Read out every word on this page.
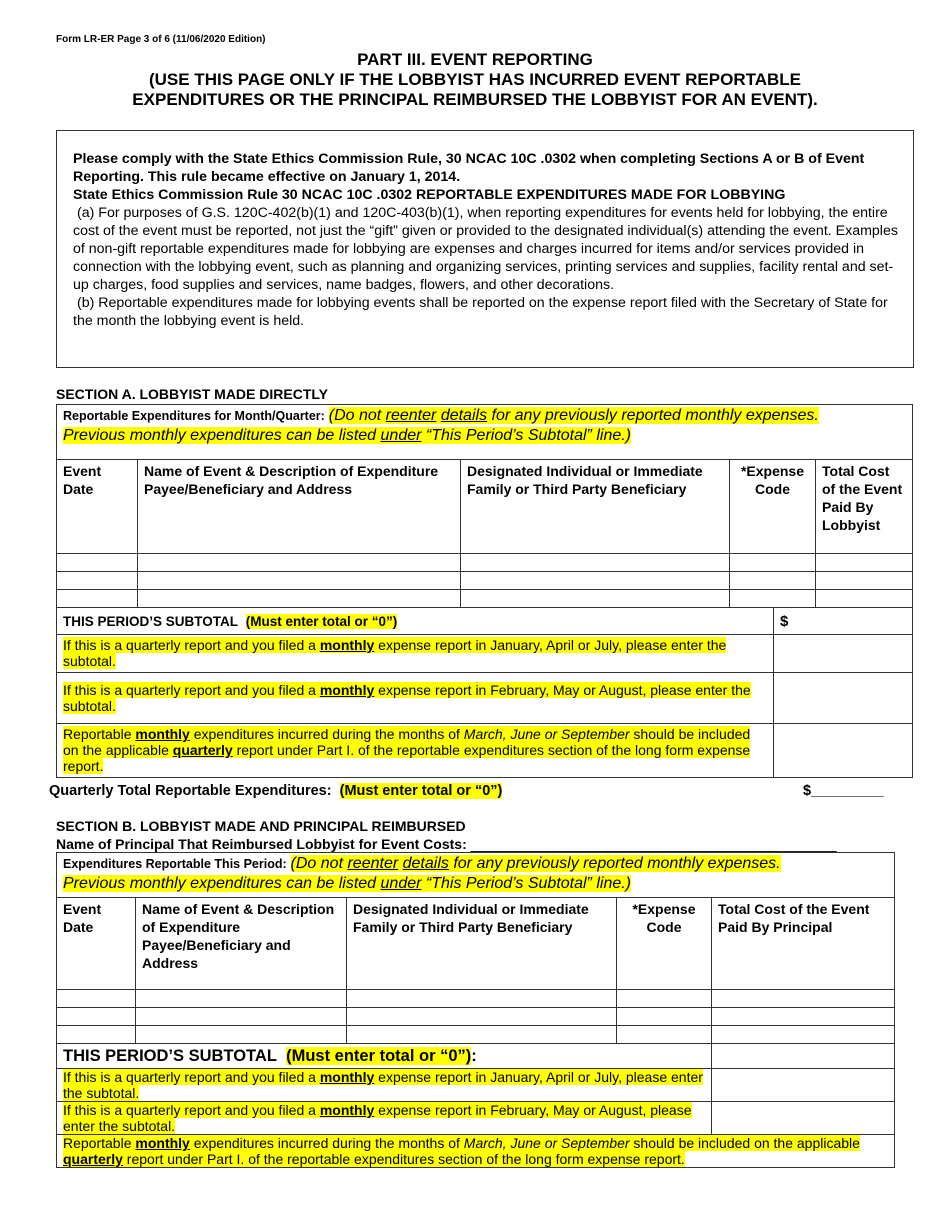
Form LR-ER Page 3 of 6 (11/06/2020 Edition)
PART III. EVENT REPORTING
(USE THIS PAGE ONLY IF THE LOBBYIST HAS INCURRED EVENT REPORTABLE
EXPENDITURES OR THE PRINCIPAL REIMBURSED THE LOBBYIST FOR AN EVENT).

Please comply with the State Ethics Commission Rule, 30 NCAC 10C .0302 when completing Sections A or B of Event Reporting. This rule became effective on January 1, 2014.

State Ethics Commission Rule 30 NCAC 10C .0302 REPORTABLE EXPENDITURES MADE FOR LOBBYING

(a) For purposes of G.S. 120C-402(b)(1) and 120C-403(b)(1), when reporting expenditures for events held for lobbying, the entire cost of the event must be reported, not just the “gift” given or provided to the designated individual(s) attending the event. Examples of non-gift reportable expenditures made for lobbying are expenses and charges incurred for items and/or services provided in connection with the lobbying event, such as planning and organizing services, printing services and supplies, facility rental and set-up charges, food supplies and services, name badges, flowers, and other decorations.

(b) Reportable expenditures made for lobbying events shall be reported on the expense report filed with the Secretary of State for the month the lobbying event is held.

SECTION A. LOBBYIST MADE DIRECTLY
Reportable Expenditures for Month/Quarter: (Do not reenter details for any previously reported monthly expenses.
Previous monthly expenditures can be listed under “This Period’s Subtotal” line.)					
Event Date	Name of Event & Description of Expenditure Payee/Beneficiary and Address	Designated Individual or Immediate Family or Third Party Beneficiary	*Expense Code		Total Cost of the Event Paid By Lobbyist

THIS PERIOD’S SUBTOTAL (Must enter total or “0”)				$	
If this is a quarterly report and you filed a monthly expense report in January, April or July, please enter the subtotal.					
If this is a quarterly report and you filed a monthly expense report in February, May or August, please enter the subtotal.					
Reportable monthly expenditures incurred during the months of March, June or September should be included on the applicable quarterly report under Part I. of the reportable expenditures section of the long form expense report.					
Quarterly Total Reportable Expenditures: (Must enter total or “0”)	$_________
SECTION B. LOBBYIST MADE AND PRINCIPAL REIMBURSED
Name of Principal That Reimbursed Lobbyist for Event Costs: _______________________________________________
Expenditures Reportable This Period: (Do not reenter details for any previously reported monthly expenses.
Previous monthly expenditures can be listed under “This Period’s Subtotal” line.)				
Event Date	Name of Event & Description of Expenditure Payee/Beneficiary and Address	Designated Individual or Immediate Family or Third Party Beneficiary	*Expense Code	Total Cost of the Event Paid By Principal

THIS PERIOD’S SUBTOTAL (Must enter total or “0”):				
If this is a quarterly report and you filed a monthly expense report in January, April or July, please enter the subtotal.				
If this is a quarterly report and you filed a monthly expense report in February, May or August, please enter the subtotal.				
Reportable monthly expenditures incurred during the months of March, June or September should be included on the applicable quarterly report under Part I. of the reportable expenditures section of the long form expense report.				
